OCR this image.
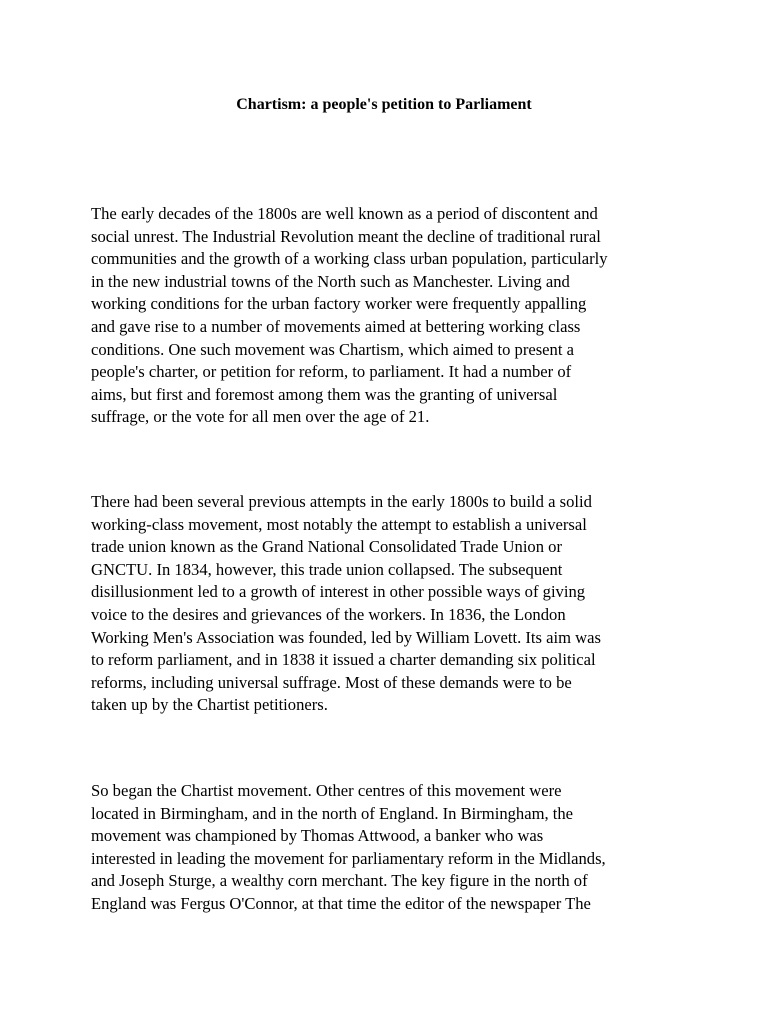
Chartism: a people's petition to Parliament

The early decades of the 1800s are well known as a period of discontent and
social unrest. The Industrial Revolution meant the decline of traditional rural
communities and the growth of a working class urban population, particularly
in the new industrial towns of the North such as Manchester. Living and
working conditions for the urban factory worker were frequently appalling
and gave rise to a number of movements aimed at bettering working class
conditions. One such movement was Chartism, which aimed to present a
people's charter, or petition for reform, to parliament. It had a number of
aims, but first and foremost among them was the granting of universal
suffrage, or the vote for all men over the age of 21.

There had been several previous attempts in the early 1800s to build a solid
working-class movement, most notably the attempt to establish a universal
trade union known as the Grand National Consolidated Trade Union or
GNCTU. In 1834, however, this trade union collapsed. The subsequent
disillusionment led to a growth of interest in other possible ways of giving
voice to the desires and grievances of the workers. In 1836, the London
Working Men's Association was founded, led by William Lovett. Its aim was
to reform parliament, and in 1838 it issued a charter demanding six political
reforms, including universal suffrage. Most of these demands were to be
taken up by the Chartist petitioners.

So began the Chartist movement. Other centres of this movement were
located in Birmingham, and in the north of England. In Birmingham, the
movement was championed by Thomas Attwood, a banker who was
interested in leading the movement for parliamentary reform in the Midlands,
and Joseph Sturge, a wealthy corn merchant. The key figure in the north of
England was Fergus O'Connor, at that time the editor of the newspaper The
